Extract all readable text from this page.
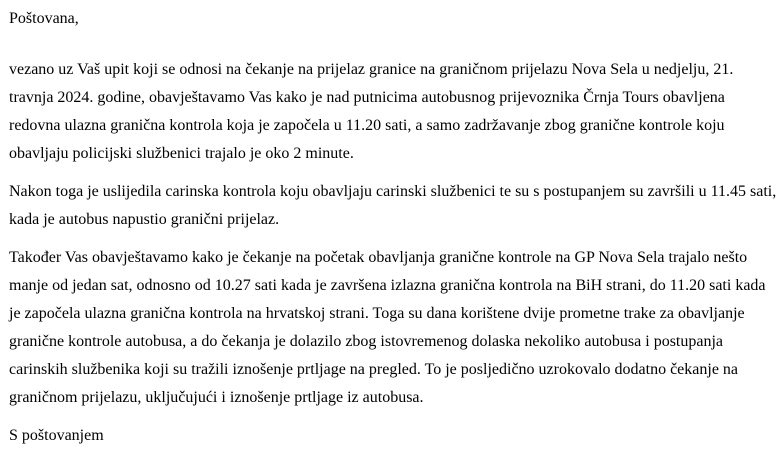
Poštovana,

vezano uz Vaš upit koji se odnosi na čekanje na prijelaz granice na graničnom prijelazu Nova Sela u nedjelju, 21. travnja 2024. godine, obavještavamo Vas kako je nad putnicima autobusnog prijevoznika Črnja Tours obavljena redovna ulazna granična kontrola koja je započela u 11.20 sati, a samo zadržavanje zbog granične kontrole koju obavljaju policijski službenici trajalo je oko 2 minute.

Nakon toga je uslijedila carinska kontrola koju obavljaju carinski službenici te su s postupanjem su završili u 11.45 sati, kada je autobus napustio granični prijelaz.

Također Vas obavještavamo kako je čekanje na početak obavljanja granične kontrole na GP Nova Sela trajalo nešto manje od jedan sat, odnosno od 10.27 sati kada je završena izlazna granična kontrola na BiH strani, do 11.20 sati kada je započela ulazna granična kontrola na hrvatskoj strani. Toga su dana korištene dvije prometne trake za obavljanje granične kontrole autobusa, a do čekanja je dolazilo zbog istovremenog dolaska nekoliko autobusa i postupanja carinskih službenika koji su tražili iznošenje prtljage na pregled. To je posljedično uzrokovalo dodatno čekanje na graničnom prijelazu, uključujući i iznošenje prtljage iz autobusa.

S poštovanjem
